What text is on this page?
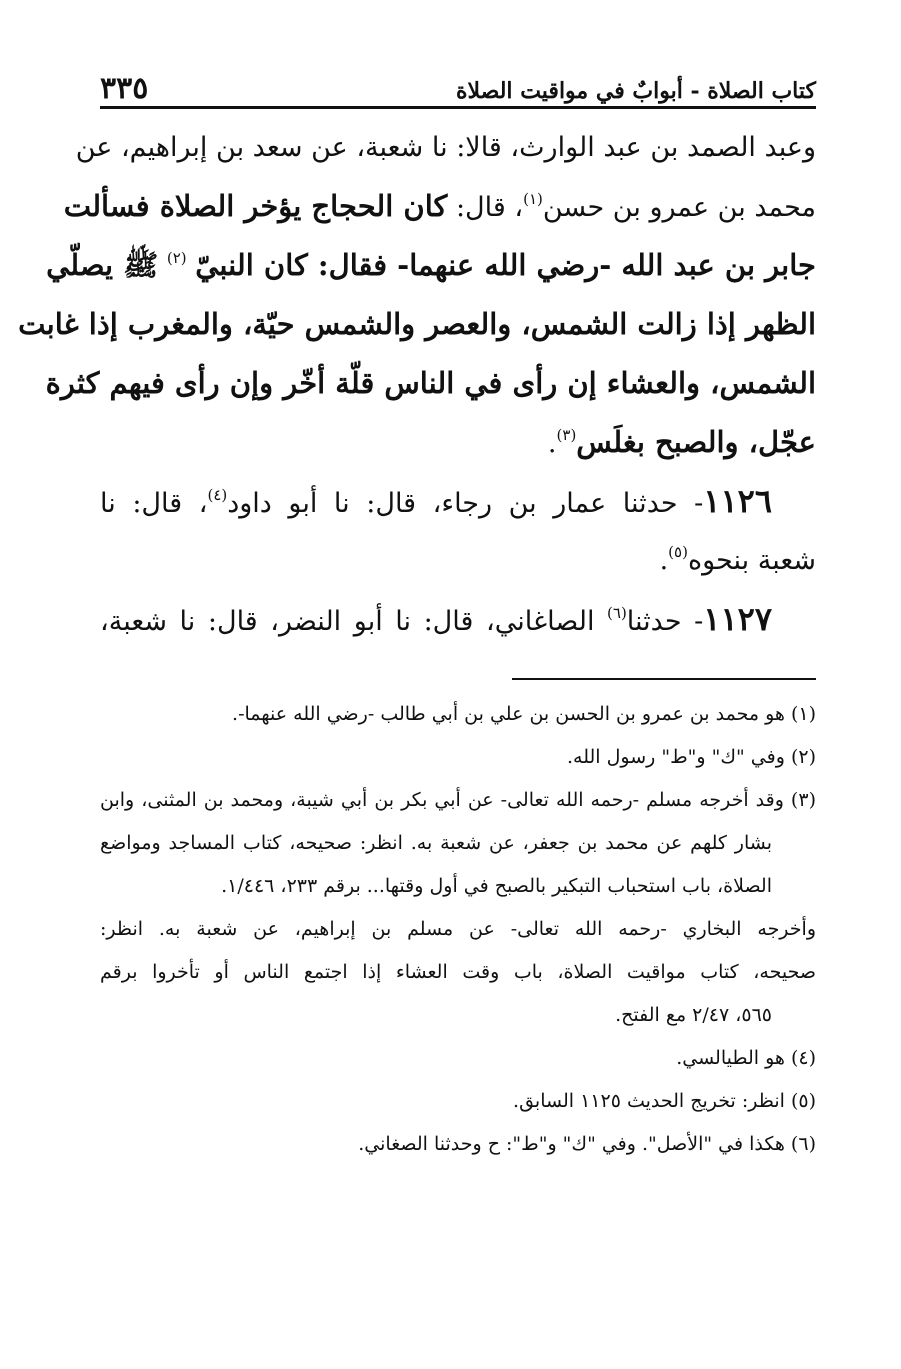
٣٣٥	كتاب الصلاة - أبوابٌ في مواقيت الصلاة
وعبد الصمد بن عبد الوارث، قالا: نا شعبة، عن سعد بن إبراهيم، عن
محمد بن عمرو بن حسن$^{(١)}$، قال: كان الحجاج يؤخر الصلاة فسألت
جابر بن عبد الله -رضي الله عنهما- فقال: كان النبيّ $^{(٢)}$ ﷺ يصلّي
الظهر إذا زالت الشمس، والعصر والشمس حيّة، والمغرب إذا غابت
الشمس، والعشاء إن رأى في الناس قلّة أخّر وإن رأى فيهم كثرة
عجّل، والصبح بغلَس$^{(٣)}$.
١١٢٦- حدثنا عمار بن رجاء، قال: نا أبو داود$^{(٤)}$، قال: نا
شعبة بنحوه$^{(٥)}$.
١١٢٧- حدثنا$^{(٦)}$ الصاغاني، قال: نا أبو النضر، قال: نا شعبة،
(١) هو محمد بن عمرو بن الحسن بن علي بن أبي طالب -رضي الله عنهما-.
(٢) وفي "ك" و"ط" رسول الله.
(٣) وقد أخرجه مسلم -رحمه الله تعالى- عن أبي بكر بن أبي شيبة، ومحمد بن المثنى، وابن
بشار كلهم عن محمد بن جعفر، عن شعبة به. انظر: صحيحه، كتاب المساجد ومواضع
الصلاة، باب استحباب التبكير بالصبح في أول وقتها... برقم ٢٣٣، ١/٤٤٦.
وأخرجه البخاري -رحمه الله تعالى- عن مسلم بن إبراهيم، عن شعبة به. انظر:
صحيحه، كتاب مواقيت الصلاة، باب وقت العشاء إذا اجتمع الناس أو تأخروا برقم
٥٦٥، ٢/٤٧ مع الفتح.
(٤) هو الطيالسي.
(٥) انظر: تخريج الحديث ١١٢٥ السابق.
(٦) هكذا في "الأصل". وفي "ك" و"ط": ح وحدثنا الصغاني.
